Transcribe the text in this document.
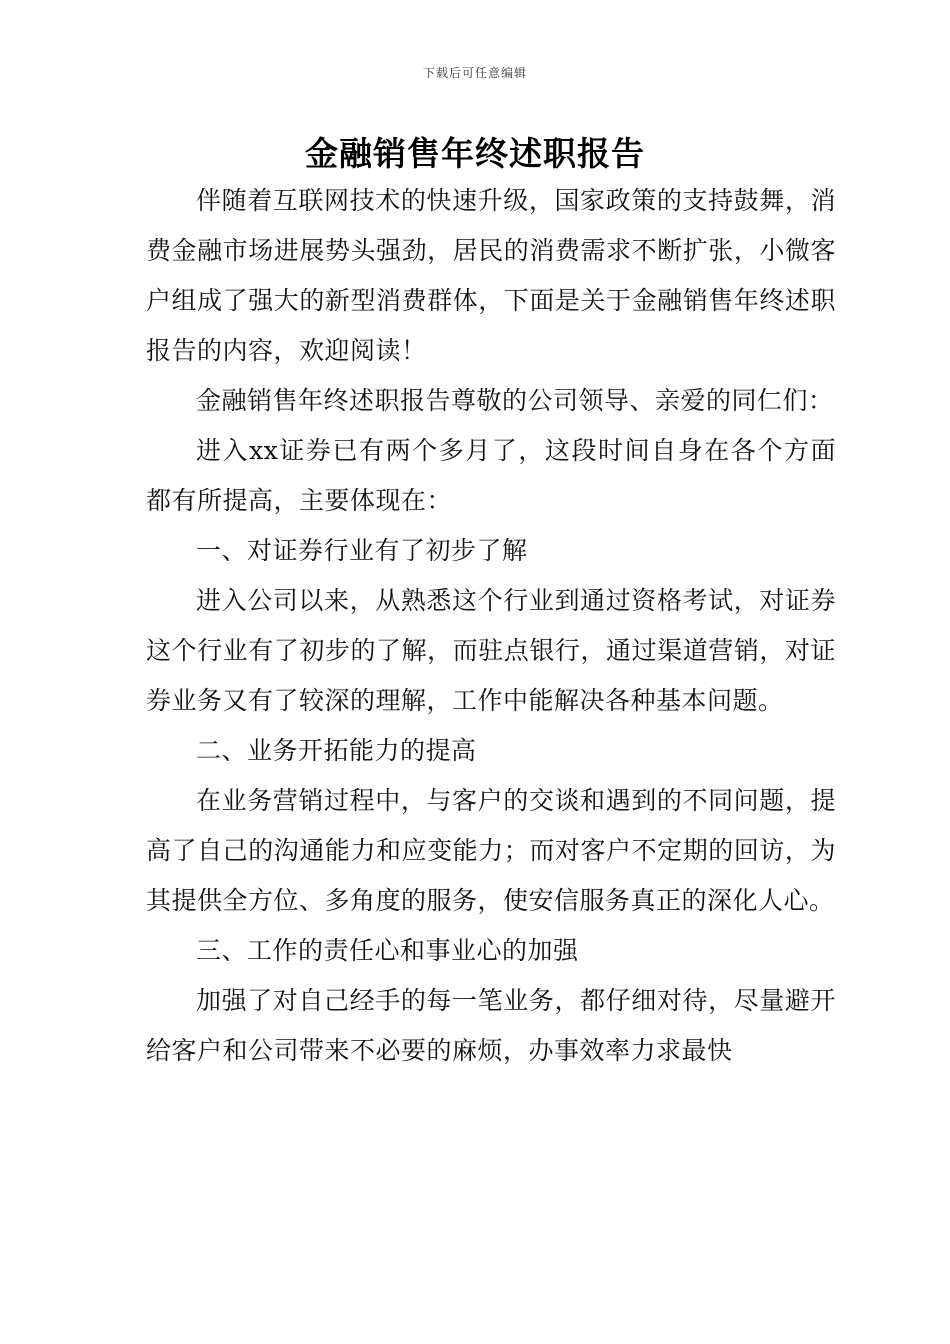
下载后可任意编辑
金融销售年终述职报告

伴随着互联网技术的快速升级，国家政策的支持鼓舞，消费金融市场进展势头强劲，居民的消费需求不断扩张，小微客户组成了强大的新型消费群体，下面是关于金融销售年终述职报告的内容，欢迎阅读！

金融销售年终述职报告尊敬的公司领导、亲爱的同仁们：

进入xx证券已有两个多月了，这段时间自身在各个方面都有所提高，主要体现在：

一、对证券行业有了初步了解

进入公司以来，从熟悉这个行业到通过资格考试，对证券这个行业有了初步的了解，而驻点银行，通过渠道营销，对证券业务又有了较深的理解，工作中能解决各种基本问题。

二、业务开拓能力的提高

在业务营销过程中，与客户的交谈和遇到的不同问题，提高了自己的沟通能力和应变能力；而对客户不定期的回访，为其提供全方位、多角度的服务，使安信服务真正的深化人心。

三、工作的责任心和事业心的加强

加强了对自己经手的每一笔业务，都仔细对待，尽量避开给客户和公司带来不必要的麻烦，办事效率力求最快
